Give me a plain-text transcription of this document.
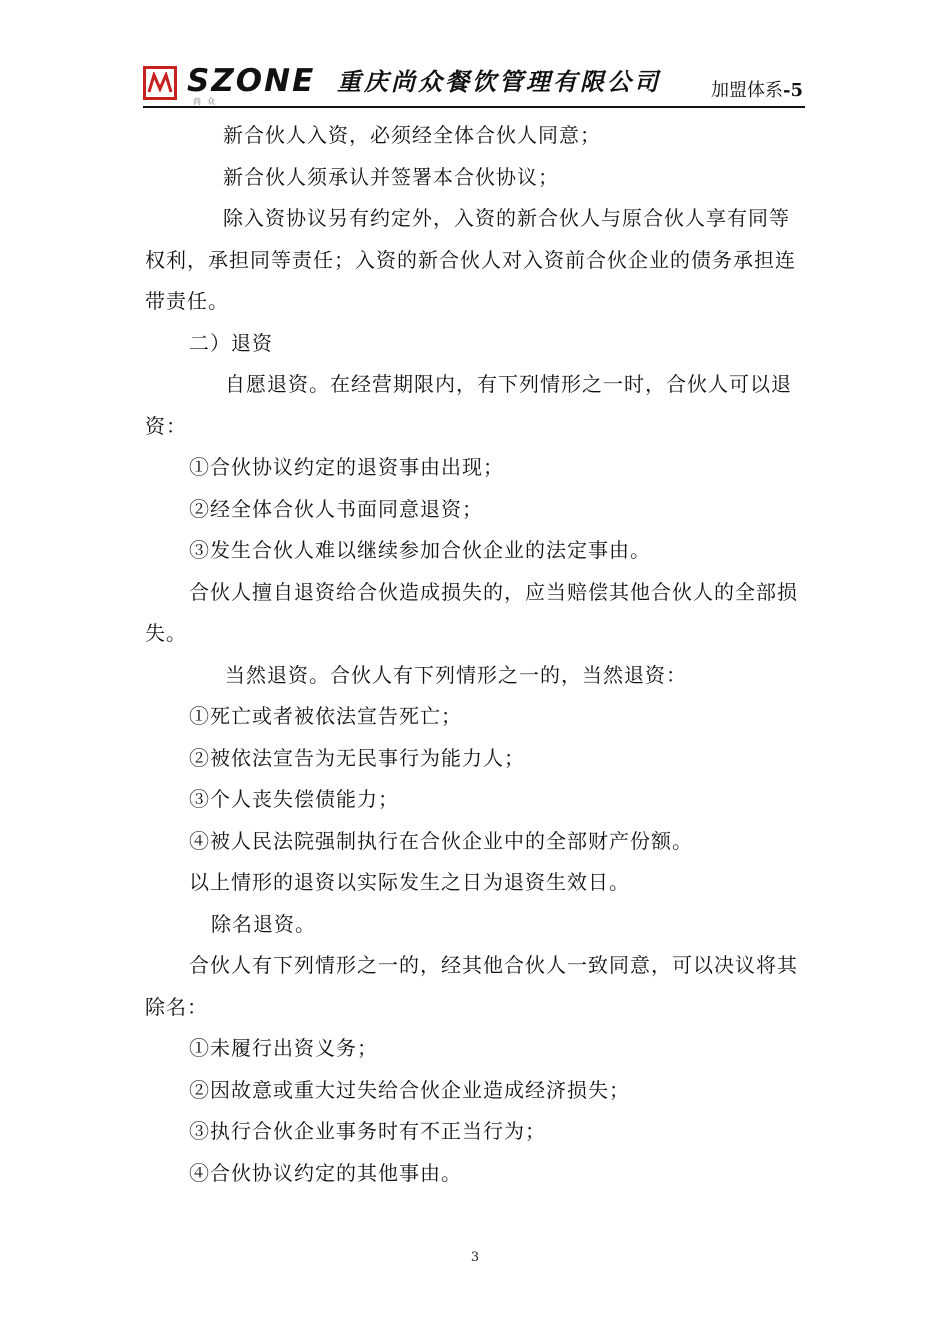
SZONE
尚众
重庆尚众餐饮管理有限公司	加盟体系-5

新合伙人入资，必须经全体合伙人同意；

新合伙人须承认并签署本合伙协议；

除入资协议另有约定外，入资的新合伙人与原合伙人享有同等权利，承担同等责任；入资的新合伙人对入资前合伙企业的债务承担连带责任。

二）退资

自愿退资。在经营期限内，有下列情形之一时，合伙人可以退资：

①合伙协议约定的退资事由出现；

②经全体合伙人书面同意退资；

③发生合伙人难以继续参加合伙企业的法定事由。

合伙人擅自退资给合伙造成损失的，应当赔偿其他合伙人的全部损失。

当然退资。合伙人有下列情形之一的，当然退资：

①死亡或者被依法宣告死亡；

②被依法宣告为无民事行为能力人；

③个人丧失偿债能力；

④被人民法院强制执行在合伙企业中的全部财产份额。

以上情形的退资以实际发生之日为退资生效日。

除名退资。

合伙人有下列情形之一的，经其他合伙人一致同意，可以决议将其除名：

①未履行出资义务；

②因故意或重大过失给合伙企业造成经济损失；

③执行合伙企业事务时有不正当行为；

④合伙协议约定的其他事由。

3
